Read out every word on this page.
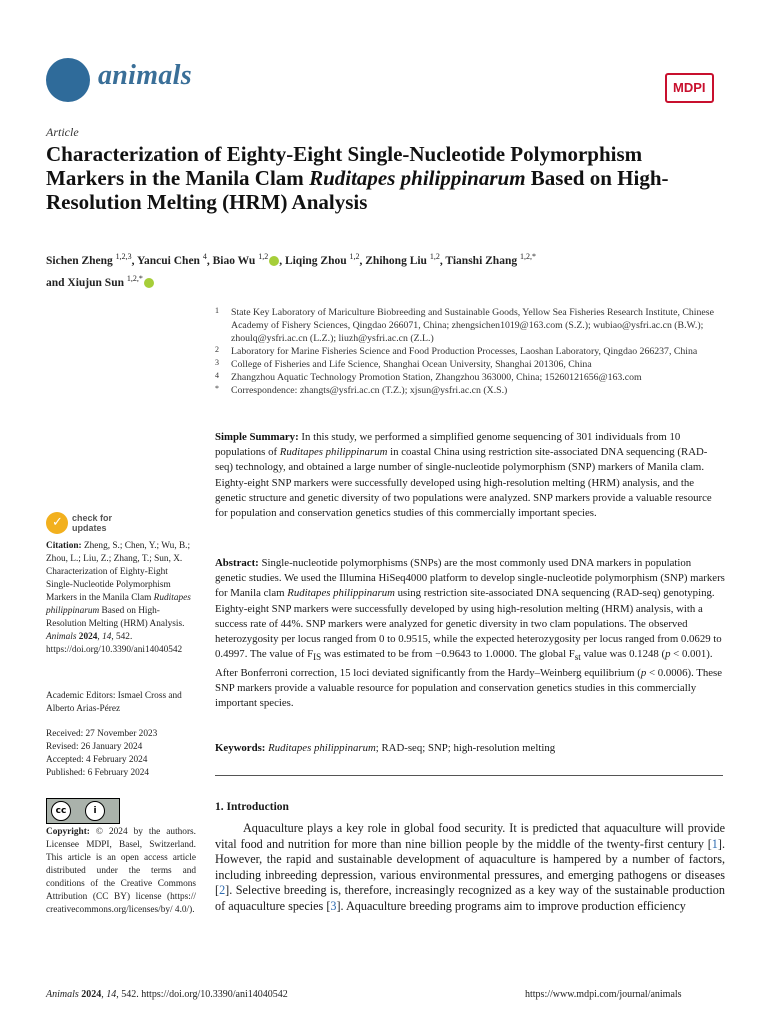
animals	MDPI
Article
Characterization of Eighty-Eight Single-Nucleotide Polymorphism Markers in the Manila Clam Ruditapes philippinarum Based on High-Resolution Melting (HRM) Analysis
Sichen Zheng $^{1,2,3}$, Yancui Chen $^4$, Biao Wu $^{1,2}$ , Liqing Zhou $^{1,2}$, Zhihong Liu $^{1,2}$, Tianshi Zhang $^{1,2,*}$
and Xiujun Sun $^{1,2,*}$

1 State Key Laboratory of Mariculture Biobreeding and Sustainable Goods, Yellow Sea Fisheries Research Institute, Chinese Academy of Fishery Sciences, Qingdao 266071, China; zhengsichen1019@163.com (S.Z.); wubiao@ysfri.ac.cn (B.W.); zhoulq@ysfri.ac.cn (L.Z.); liuzh@ysfri.ac.cn (Z.L.)

2 Laboratory for Marine Fisheries Science and Food Production Processes, Laoshan Laboratory, Qingdao 266237, China

3 College of Fisheries and Life Science, Shanghai Ocean University, Shanghai 201306, China

4 Zhangzhou Aquatic Technology Promotion Station, Zhangzhou 363000, China; 15260121656@163.com

* Correspondence: zhangts@ysfri.ac.cn (T.Z.); xjsun@ysfri.ac.cn (X.S.)

Simple Summary: In this study, we performed a simplified genome sequencing of 301 individuals from 10 populations of Ruditapes philippinarum in coastal China using restriction site-associated DNA sequencing (RAD-seq) technology, and obtained a large number of single-nucleotide polymorphism (SNP) markers of Manila clam. Eighty-eight SNP markers were successfully developed using high-resolution melting (HRM) analysis, and the genetic structure and genetic diversity of two populations were analyzed. SNP markers provide a valuable resource for population and conservation genetics studies of this commercially important species.
Abstract: Single-nucleotide polymorphisms (SNPs) are the most commonly used DNA markers in population genetic studies. We used the Illumina HiSeq4000 platform to develop single-nucleotide polymorphism (SNP) markers for Manila clam Ruditapes philippinarum using restriction site-associated DNA sequencing (RAD-seq) genotyping. Eighty-eight SNP markers were successfully developed by using high-resolution melting (HRM) analysis, with a success rate of 44%. SNP markers were analyzed for genetic diversity in two clam populations. The observed heterozygosity per locus ranged from 0 to 0.9515, while the expected heterozygosity per locus ranged from 0.0629 to 0.4997. The value of $F_{IS}$ was estimated to be from −0.9643 to 1.0000. The global $F_{st}$ value was 0.1248 (p < 0.001). After Bonferroni correction, 15 loci deviated significantly from the Hardy–Weinberg equilibrium (p < 0.0006). These SNP markers provide a valuable resource for population and conservation genetics studies in this commercially important species.
Keywords: Ruditapes philippinarum; RAD-seq; SNP; high-resolution melting
1. Introduction

Aquaculture plays a key role in global food security. It is predicted that aquaculture will provide vital food and nutrition for more than nine billion people by the middle of the twenty-first century [1]. However, the rapid and sustainable development of aquaculture is hampered by a number of factors, including inbreeding depression, various environmental pressures, and emerging pathogens or diseases [2]. Selective breeding is, therefore, increasingly recognized as a key way of the sustainable production of aquaculture species [3]. Aquaculture breeding programs aim to improve production efficiency

✓ check for
updates
Citation: Zheng, S.; Chen, Y.; Wu, B.; Zhou, L.; Liu, Z.; Zhang, T.; Sun, X. Characterization of Eighty-Eight Single-Nucleotide Polymorphism Markers in the Manila Clam Ruditapes philippinarum Based on High-Resolution Melting (HRM) Analysis. Animals 2024, 14, 542. https://doi.org/10.3390/ani14040542
Academic Editors: Ismael Cross and Alberto Arias-Pérez
Received: 27 November 2023
Revised: 26 January 2024
Accepted: 4 February 2024
Published: 6 February 2024
cc	i
Copyright: © 2024 by the authors. Licensee MDPI, Basel, Switzerland. This article is an open access article distributed under the terms and conditions of the Creative Commons Attribution (CC BY) license (https:// creativecommons.org/licenses/by/ 4.0/).
Animals 2024, 14, 542. https://doi.org/10.3390/ani14040542	https://www.mdpi.com/journal/animals
